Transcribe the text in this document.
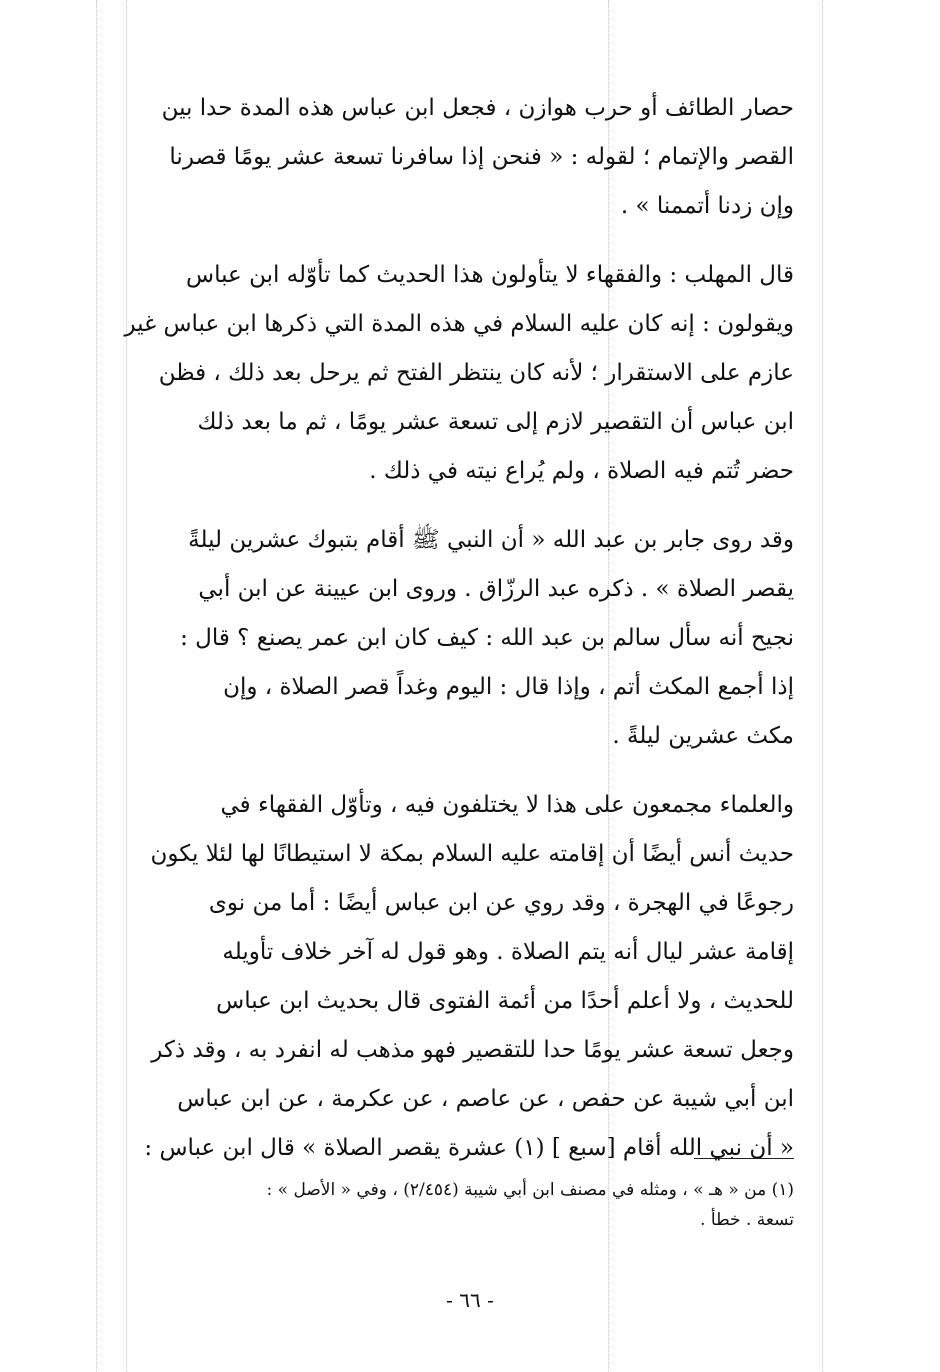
حصار الطائف أو حرب هوازن ، فجعل ابن عباس هذه المدة حدا بين
القصر والإتمام ؛ لقوله : « فنحن إذا سافرنا تسعة عشر يومًا قصرنا
وإن زدنا أتممنا » .

قال المهلب : والفقهاء لا يتأولون هذا الحديث كما تأوّله ابن عباس
ويقولون : إنه كان عليه السلام في هذه المدة التي ذكرها ابن عباس غير
عازم على الاستقرار ؛ لأنه كان ينتظر الفتح ثم يرحل بعد ذلك ، فظن
ابن عباس أن التقصير لازم إلى تسعة عشر يومًا ، ثم ما بعد ذلك
حضر تُتم فيه الصلاة ، ولم يُراع نيته في ذلك .

وقد روى جابر بن عبد الله « أن النبي ﷺ أقام بتبوك عشرين ليلةً
يقصر الصلاة » . ذكره عبد الرزّاق . وروى ابن عيينة عن ابن أبي
نجيح أنه سأل سالم بن عبد الله : كيف كان ابن عمر يصنع ؟ قال :
إذا أجمع المكث أتم ، وإذا قال : اليوم وغداً قصر الصلاة ، وإن
مكث عشرين ليلةً .

والعلماء مجمعون على هذا لا يختلفون فيه ، وتأوّل الفقهاء في
حديث أنس أيضًا أن إقامته عليه السلام بمكة لا استيطانًا لها لئلا يكون
رجوعًا في الهجرة ، وقد روي عن ابن عباس أيضًا : أما من نوى
إقامة عشر ليال أنه يتم الصلاة . وهو قول له آخر خلاف تأويله
للحديث ، ولا أعلم أحدًا من أئمة الفتوى قال بحديث ابن عباس
وجعل تسعة عشر يومًا حدا للتقصير فهو مذهب له انفرد به ، وقد ذكر
ابن أبي شيبة عن حفص ، عن عاصم ، عن عكرمة ، عن ابن عباس
« أن نبي الله أقام [سبع ] (١) عشرة يقصر الصلاة » قال ابن عباس :

(١) من « هـ » ، ومثله في مصنف ابن أبي شيبة (٢/٤٥٤) ، وفي « الأصل » :

تسعة . خطأ .

- ٦٦ -
